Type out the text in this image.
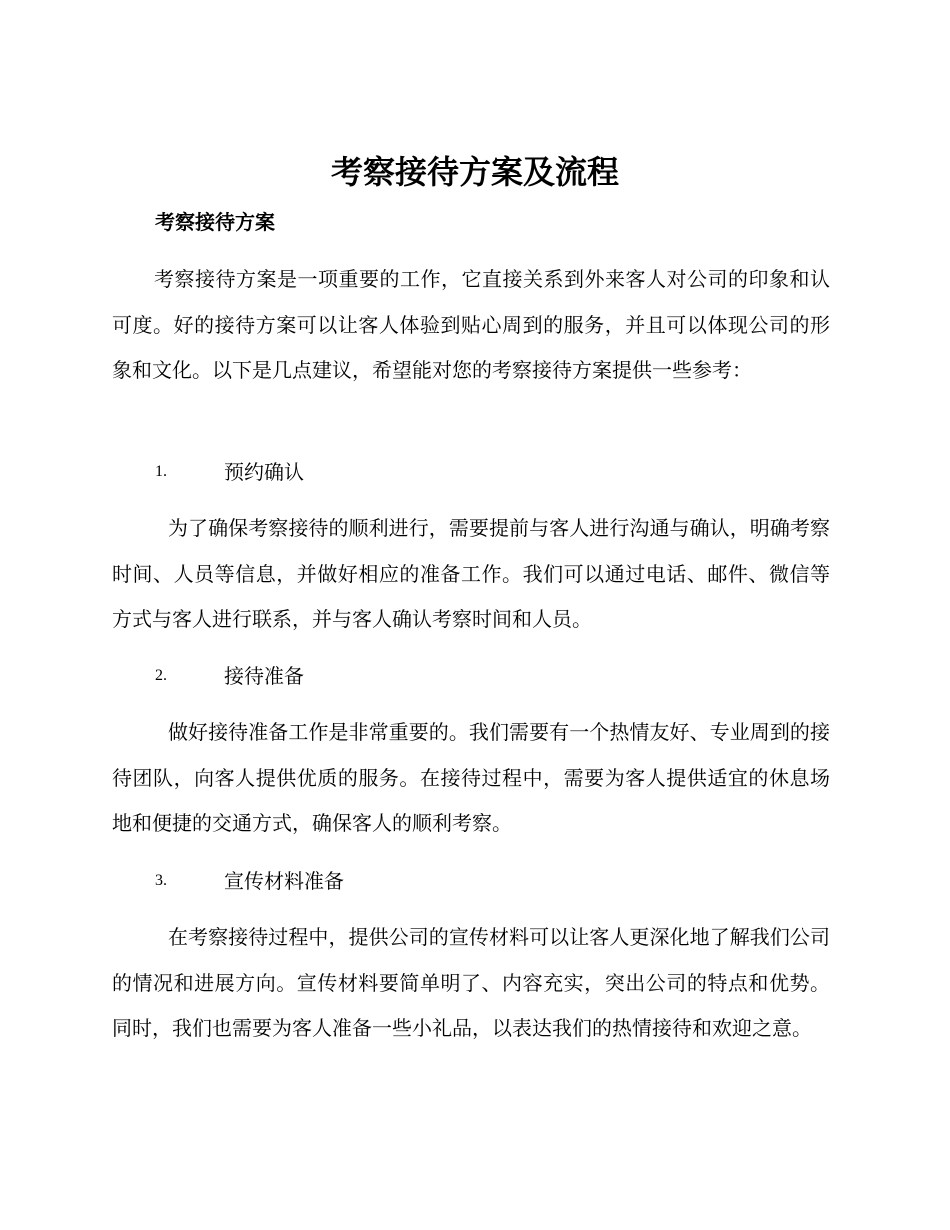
考察接待方案及流程
考察接待方案

考察接待方案是一项重要的工作，它直接关系到外来客人对公司的印象和认可度。好的接待方案可以让客人体验到贴心周到的服务，并且可以体现公司的形象和文化。以下是几点建议，希望能对您的考察接待方案提供一些参考：

1.	预约确认

为了确保考察接待的顺利进行，需要提前与客人进行沟通与确认，明确考察时间、人员等信息，并做好相应的准备工作。我们可以通过电话、邮件、微信等方式与客人进行联系，并与客人确认考察时间和人员。

2.	接待准备

做好接待准备工作是非常重要的。我们需要有一个热情友好、专业周到的接待团队，向客人提供优质的服务。在接待过程中，需要为客人提供适宜的休息场地和便捷的交通方式，确保客人的顺利考察。

3.	宣传材料准备

在考察接待过程中，提供公司的宣传材料可以让客人更深化地了解我们公司的情况和进展方向。宣传材料要简单明了、内容充实，突出公司的特点和优势。同时，我们也需要为客人准备一些小礼品，以表达我们的热情接待和欢迎之意。
